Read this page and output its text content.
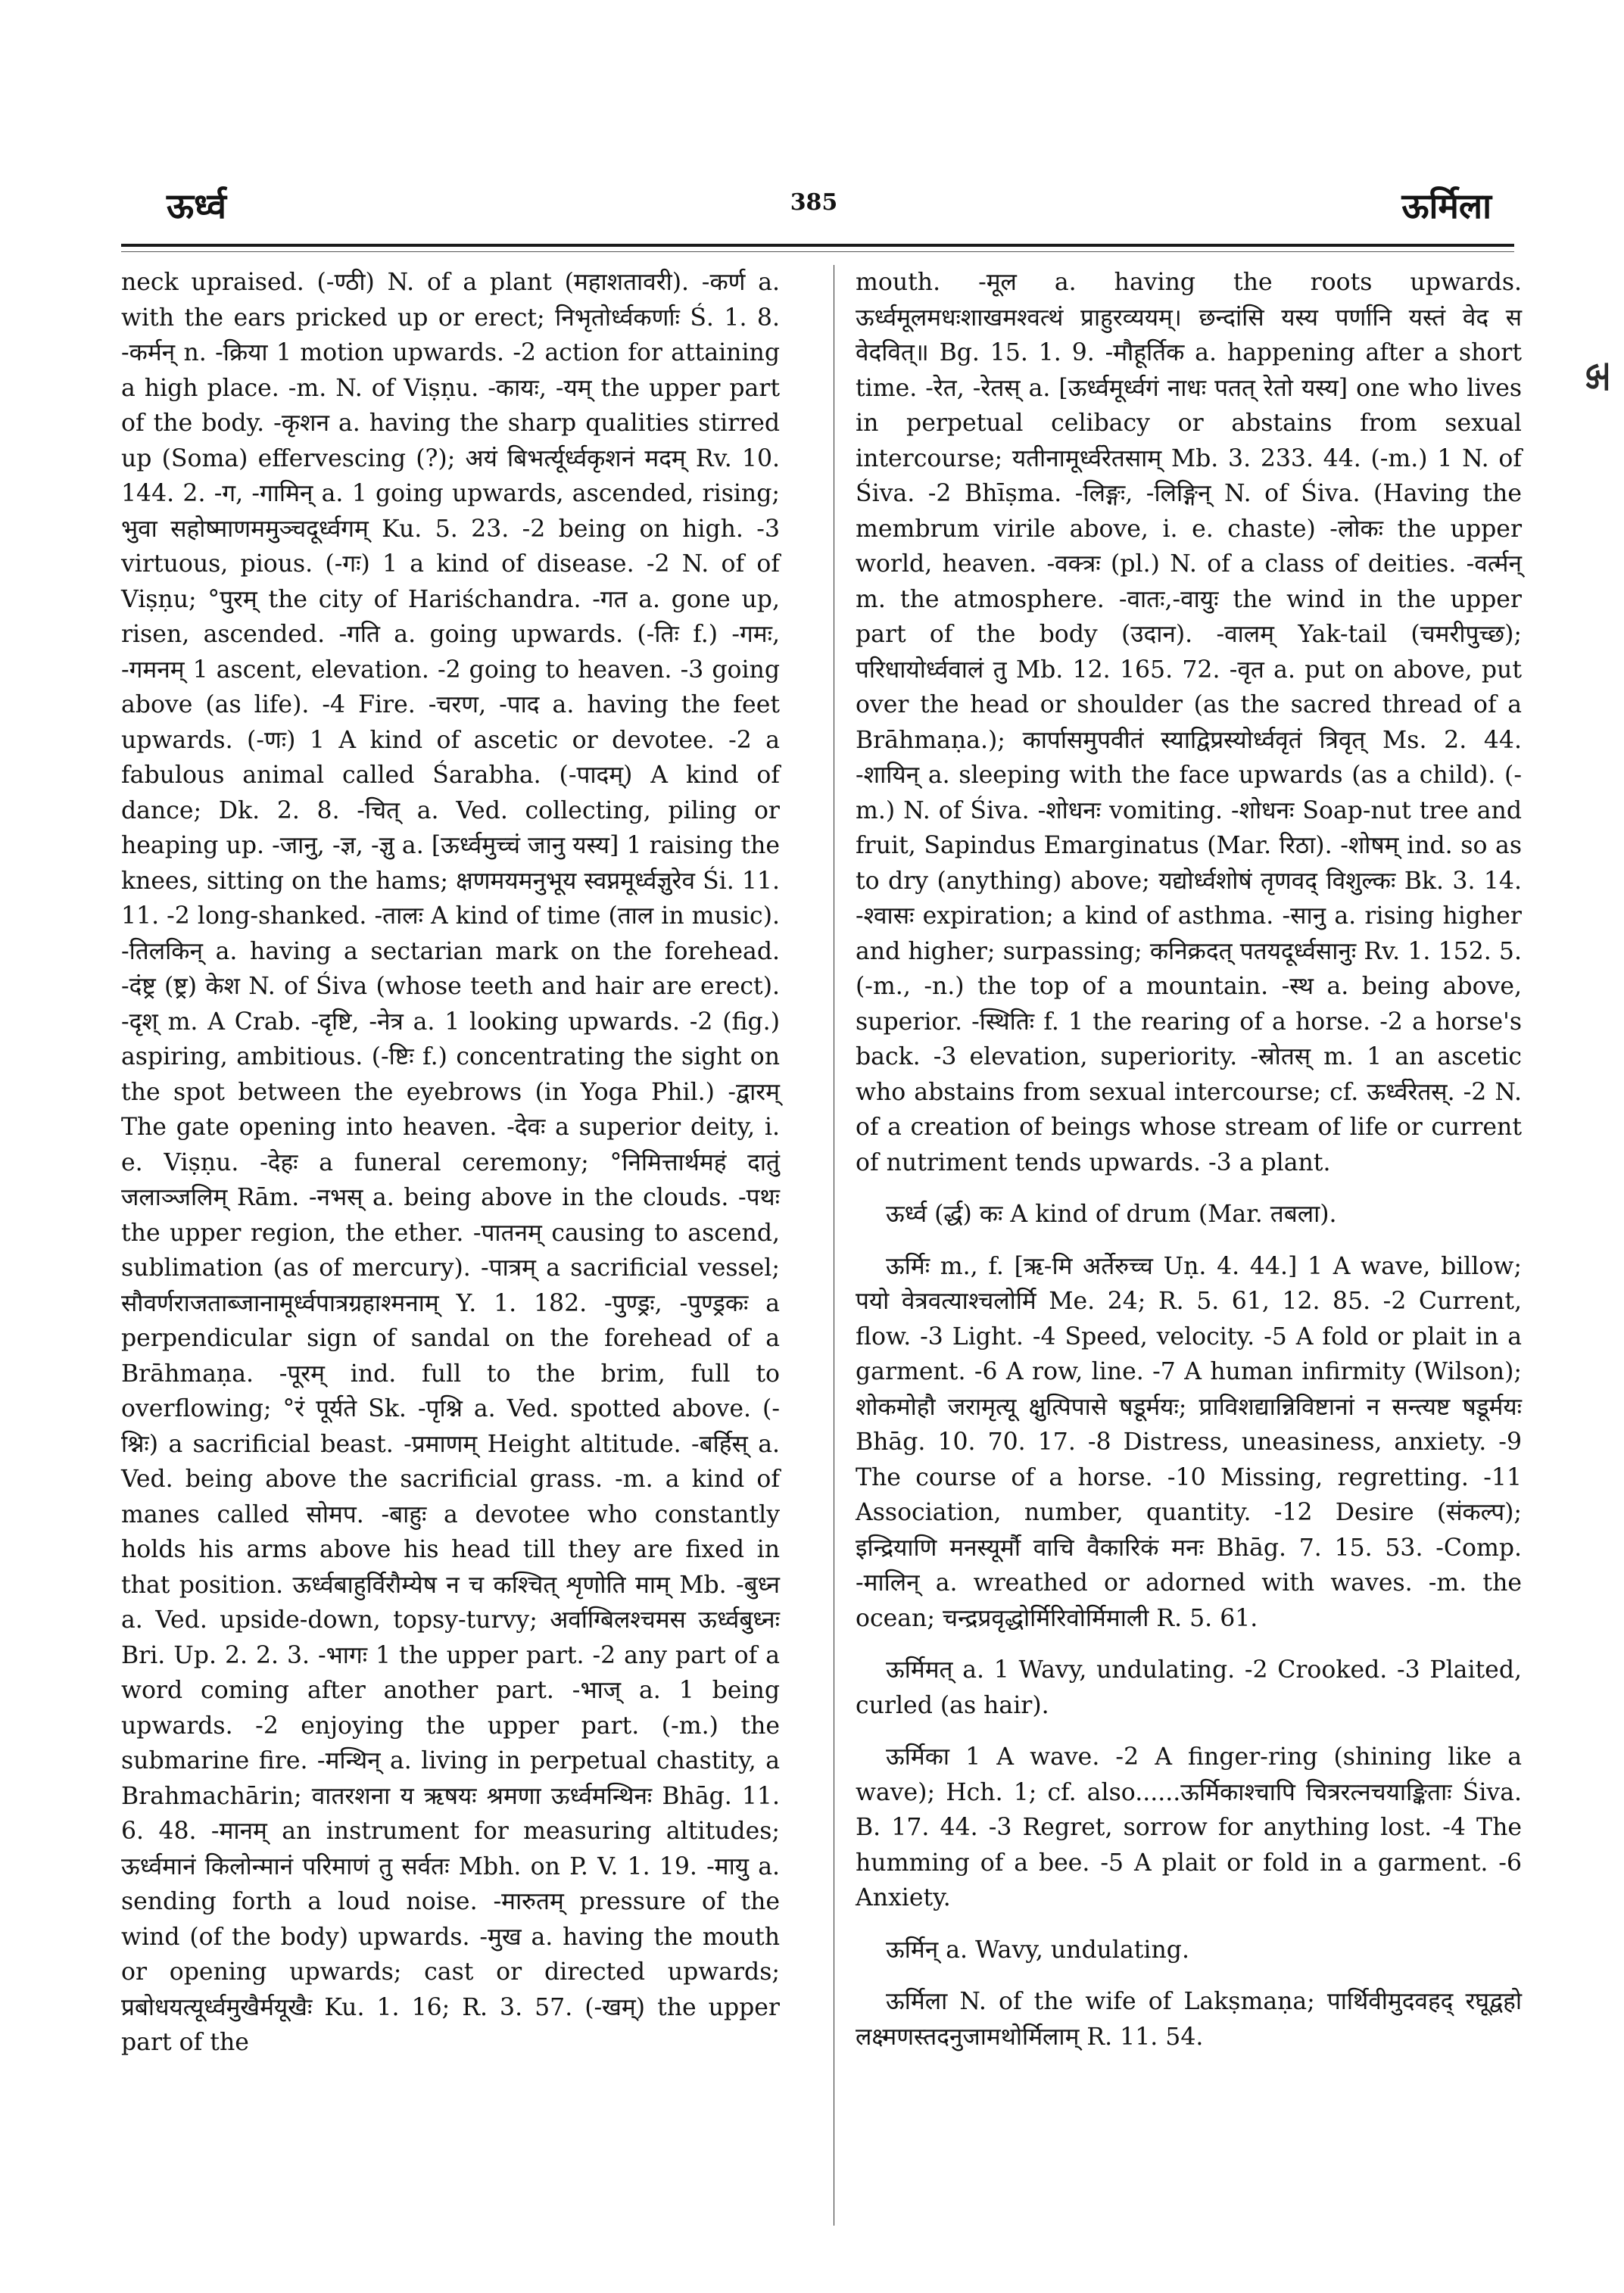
ऊर्ध्व	385	ऊर्मिला
ऊ

neck upraised. (-ण्ठी) N. of a plant (महाशतावरी). -कर्ण a. with the ears pricked up or erect; निभृतोर्ध्वकर्णाः Ś. 1. 8. -कर्मन् n. -क्रिया 1 motion upwards. -2 action for attaining a high place. -m. N. of Viṣṇu. -कायः, -यम् the upper part of the body. -कृशन a. having the sharp qualities stirred up (Soma) effervescing (?); अयं बिभर्त्यूर्ध्वकृशनं मदम् Rv. 10. 144. 2. -ग, -गामिन् a. 1 going upwards, ascended, rising; भुवा सहोष्माणममुञ्चदूर्ध्वगम् Ku. 5. 23. -2 being on high. -3 virtuous, pious. (-गः) 1 a kind of disease. -2 N. of of Viṣṇu; °पुरम् the city of Hariśchandra. -गत a. gone up, risen, ascended. -गति a. going upwards. (-तिः f.) -गमः, -गमनम् 1 ascent, elevation. -2 going to heaven. -3 going above (as life). -4 Fire. -चरण, -पाद a. having the feet upwards. (-णः) 1 A kind of ascetic or devotee. -2 a fabulous animal called Śarabha. (-पादम्) A kind of dance; Dk. 2. 8. -चित् a. Ved. collecting, piling or heaping up. -जानु, -ज्ञ, -ज्ञु a. [ऊर्ध्वमुच्चं जानु यस्य] 1 raising the knees, sitting on the hams; क्षणमयमनुभूय स्वप्नमूर्ध्वज्ञुरेव Śi. 11. 11. -2 long-shanked. -तालः A kind of time (ताल in music). -तिलकिन् a. having a sectarian mark on the forehead. -दंष्ट्र (ष्ट्र) केश N. of Śiva (whose teeth and hair are erect). -दृश् m. A Crab. -दृष्टि, -नेत्र a. 1 looking upwards. -2 (fig.) aspiring, ambitious. (-ष्टिः f.) concentrating the sight on the spot between the eyebrows (in Yoga Phil.) -द्वारम् The gate opening into heaven. -देवः a superior deity, i. e. Viṣṇu. -देहः a funeral ceremony; °निमित्तार्थमहं दातुं जलाञ्जलिम् Rām. -नभस् a. being above in the clouds. -पथः the upper region, the ether. -पातनम् causing to ascend, sublimation (as of mercury). -पात्रम् a sacrificial vessel; सौवर्णराजताब्जानामूर्ध्वपात्रग्रहाश्मनाम् Y. 1. 182. -पुण्ड्रः, -पुण्ड्रकः a perpendicular sign of sandal on the forehead of a Brāhmaṇa. -पूरम् ind. full to the brim, full to overflowing; °रं पूर्यते Sk. -पृश्नि a. Ved. spotted above. (-श्निः) a sacrificial beast. -प्रमाणम् Height altitude. -बर्हिस् a. Ved. being above the sacrificial grass. -m. a kind of manes called सोमप. -बाहुः a devotee who constantly holds his arms above his head till they are fixed in that position. ऊर्ध्वबाहुर्विरौम्येष न च कश्चित् शृणोति माम् Mb. -बुध्न a. Ved. upside-down, topsy-turvy; अर्वाग्बिलश्चमस ऊर्ध्वबुध्नः Bri. Up. 2. 2. 3. -भागः 1 the upper part. -2 any part of a word coming after another part. -भाज् a. 1 being upwards. -2 enjoying the upper part. (-m.) the submarine fire. -मन्थिन् a. living in perpetual chastity, a Brahmachārin; वातरशना य ऋषयः श्रमणा ऊर्ध्वमन्थिनः Bhāg. 11. 6. 48. -मानम् an instrument for measuring altitudes; ऊर्ध्वमानं किलोन्मानं परिमाणं तु सर्वतः Mbh. on P. V. 1. 19. -मायु a. sending forth a loud noise. -मारुतम् pressure of the wind (of the body) upwards. -मुख a. having the mouth or opening upwards; cast or directed upwards; प्रबोधयत्यूर्ध्वमुखैर्मयूखैः Ku. 1. 16; R. 3. 57. (-खम्) the upper part of the

mouth. -मूल a. having the roots upwards. ऊर्ध्वमूलमधःशाखमश्वत्थं प्राहुरव्ययम्। छन्दांसि यस्य पर्णानि यस्तं वेद स वेदवित्॥ Bg. 15. 1. 9. -मौहूर्तिक a. happening after a short time. -रेत, -रेतस् a. [ऊर्ध्वमूर्ध्वगं नाधः पतत् रेतो यस्य] one who lives in perpetual celibacy or abstains from sexual intercourse; यतीनामूर्ध्वरेतसाम् Mb. 3. 233. 44. (-m.) 1 N. of Śiva. -2 Bhīṣma. -लिङ्गः, -लिङ्गिन् N. of Śiva. (Having the membrum virile above, i. e. chaste) -लोकः the upper world, heaven. -वक्त्रः (pl.) N. of a class of deities. -वर्त्मन् m. the atmosphere. -वातः,-वायुः the wind in the upper part of the body (उदान). -वालम् Yak-tail (चमरीपुच्छ); परिधायोर्ध्ववालं तु Mb. 12. 165. 72. -वृत a. put on above, put over the head or shoulder (as the sacred thread of a Brāhmaṇa.); कार्पासमुपवीतं स्याद्विप्रस्योर्ध्ववृतं त्रिवृत् Ms. 2. 44. -शायिन् a. sleeping with the face upwards (as a child). (-m.) N. of Śiva. -शोधनः vomiting. -शोधनः Soap-nut tree and fruit, Sapindus Emarginatus (Mar. रिठा). -शोषम् ind. so as to dry (anything) above; यद्योर्ध्वशोषं तृणवद् विशुल्कः Bk. 3. 14. -श्वासः expiration; a kind of asthma. -सानु a. rising higher and higher; surpassing; कनिक्रदत् पतयदूर्ध्वसानुः Rv. 1. 152. 5. (-m., -n.) the top of a mountain. -स्थ a. being above, superior. -स्थितिः f. 1 the rearing of a horse. -2 a horse's back. -3 elevation, superiority. -स्रोतस् m. 1 an ascetic who abstains from sexual intercourse; cf. ऊर्ध्वरेतस्. -2 N. of a creation of beings whose stream of life or current of nutriment tends upwards. -3 a plant.

ऊर्ध्व (र्द्ध) कः A kind of drum (Mar. तबला).

ऊर्मिः m., f. [ऋ-मि अर्तेरुच्च Uṇ. 4. 44.] 1 A wave, billow; पयो वेत्रवत्याश्चलोर्मि Me. 24; R. 5. 61, 12. 85. -2 Current, flow. -3 Light. -4 Speed, velocity. -5 A fold or plait in a garment. -6 A row, line. -7 A human infirmity (Wilson); शोकमोहौ जरामृत्यू क्षुत्पिपासे षडूर्मयः; प्राविशद्यान्निविष्टानां न सन्त्यष्ट षडूर्मयः Bhāg. 10. 70. 17. -8 Distress, uneasiness, anxiety. -9 The course of a horse. -10 Missing, regretting. -11 Association, number, quantity. -12 Desire (संकल्प); इन्द्रियाणि मनस्यूर्मौ वाचि वैकारिकं मनः Bhāg. 7. 15. 53. -Comp. -मालिन् a. wreathed or adorned with waves. -m. the ocean; चन्द्रप्रवृद्धोर्मिरिवोर्मिमाली R. 5. 61.

ऊर्मिमत् a. 1 Wavy, undulating. -2 Crooked. -3 Plaited, curled (as hair).

ऊर्मिका 1 A wave. -2 A finger-ring (shining like a wave); Hch. 1; cf. also......ऊर्मिकाश्चापि चित्ररत्नचयाङ्किताः Śiva. B. 17. 44. -3 Regret, sorrow for anything lost. -4 The humming of a bee. -5 A plait or fold in a garment. -6 Anxiety.

ऊर्मिन् a. Wavy, undulating.

ऊर्मिला N. of the wife of Lakṣmaṇa; पार्थिवीमुदवहद् रघूद्वहो लक्ष्मणस्तदनुजामथोर्मिलाम् R. 11. 54.
